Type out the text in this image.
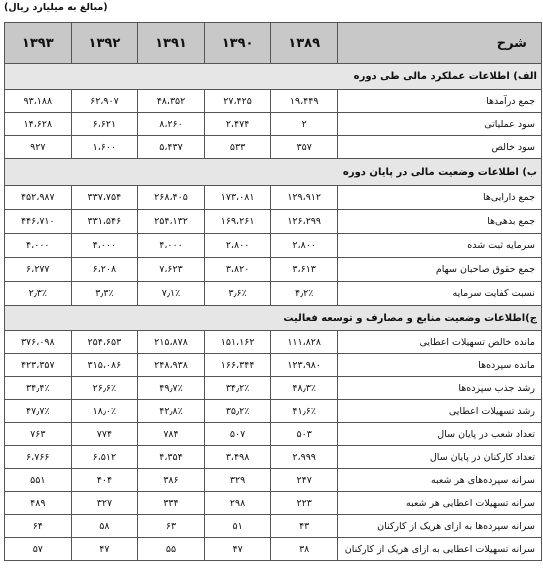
(مبالغ به میلیارد ریال)
شرح	۱۳۸۹	۱۳۹۰	۱۳۹۱	۱۳۹۲	۱۳۹۳
الف) اطلاعات عملکرد مالی طی دوره					
جمع درآمدها	۱۹،۴۴۹	۲۷،۴۲۵	۴۸،۳۵۲	۶۲،۹۰۷	۹۳،۱۸۸
سود عملیاتی	۲	۲،۴۷۴	۸،۲۶۰	۶،۶۲۱	۱۴،۶۲۸
سود خالص	۳۵۷	۵۳۳	۵،۴۳۷	۱،۶۰۰	۹۲۷
ب) اطلاعات وضعیت مالی در پایان دوره					
جمع دارایی‌ها	۱۲۹،۹۱۲	۱۷۳،۰۸۱	۲۶۸،۴۰۵	۳۳۷،۷۵۴	۴۵۲،۹۸۷
جمع بدهی‌ها	۱۲۶،۲۹۹	۱۶۹،۲۶۱	۲۵۴،۱۳۲	۳۳۱،۵۴۶	۴۴۶،۷۱۰
سرمایه ثبت شده	۲،۸۰۰	۲،۸۰۰	۴،۰۰۰	۴،۰۰۰	۴،۰۰۰
جمع حقوق صاحبان سهام	۳،۶۱۳	۳،۸۲۰	۷،۶۲۳	۶،۲۰۸	۶،۲۷۷
نسبت کفایت سرمایه	۴٫۲٪	۳٫۶٪	۷٫۱٪	۳٫۳٪	۲٫۳٪
ج)اطلاعات وضعیت منابع و مصارف و توسعه فعالیت					
مانده خالص تسهیلات اعطایی	۱۱۱،۸۲۸	۱۵۱،۱۶۲	۲۱۵،۸۷۸	۲۵۴،۶۵۳	۳۷۶،۰۹۸
مانده سپرده‌ها	۱۲۳،۹۸۰	۱۶۶،۳۴۴	۲۴۸،۹۳۸	۳۱۵،۰۸۶	۴۲۳،۳۵۷
رشد جذب سپرده‌ها	۴۸٫۳٪	۳۴٫۲٪	۴۹٫۷٪	۲۶٫۶٪	۳۴٫۴٪
رشد تسهیلات اعطایی	۴۱٫۶٪	۳۵٫۲٪	۴۲٫۸٪	۱۸٫۰٪	۴۷٫۷٪
تعداد شعب در پایان سال	۵۰۳	۵۰۷	۷۸۴	۷۷۴	۷۶۳
تعداد کارکنان در پایان سال	۲،۹۹۹	۳،۴۹۸	۴،۳۵۴	۶،۵۱۲	۶،۷۶۶
سرانه سپرده‌های هر شعبه	۲۴۷	۳۲۹	۳۸۶	۴۰۴	۵۵۱
سرانه تسهیلات اعطایی هر شعبه	۲۲۳	۲۹۸	۳۳۴	۳۲۷	۴۸۹
سرانه سپرده‌ها به ازای هریک از کارکنان	۴۳	۵۱	۶۳	۵۸	۶۴
سرانه تسهیلات اعطایی به ازای هریک از کارکنان	۳۸	۴۷	۵۵	۴۷	۵۷
